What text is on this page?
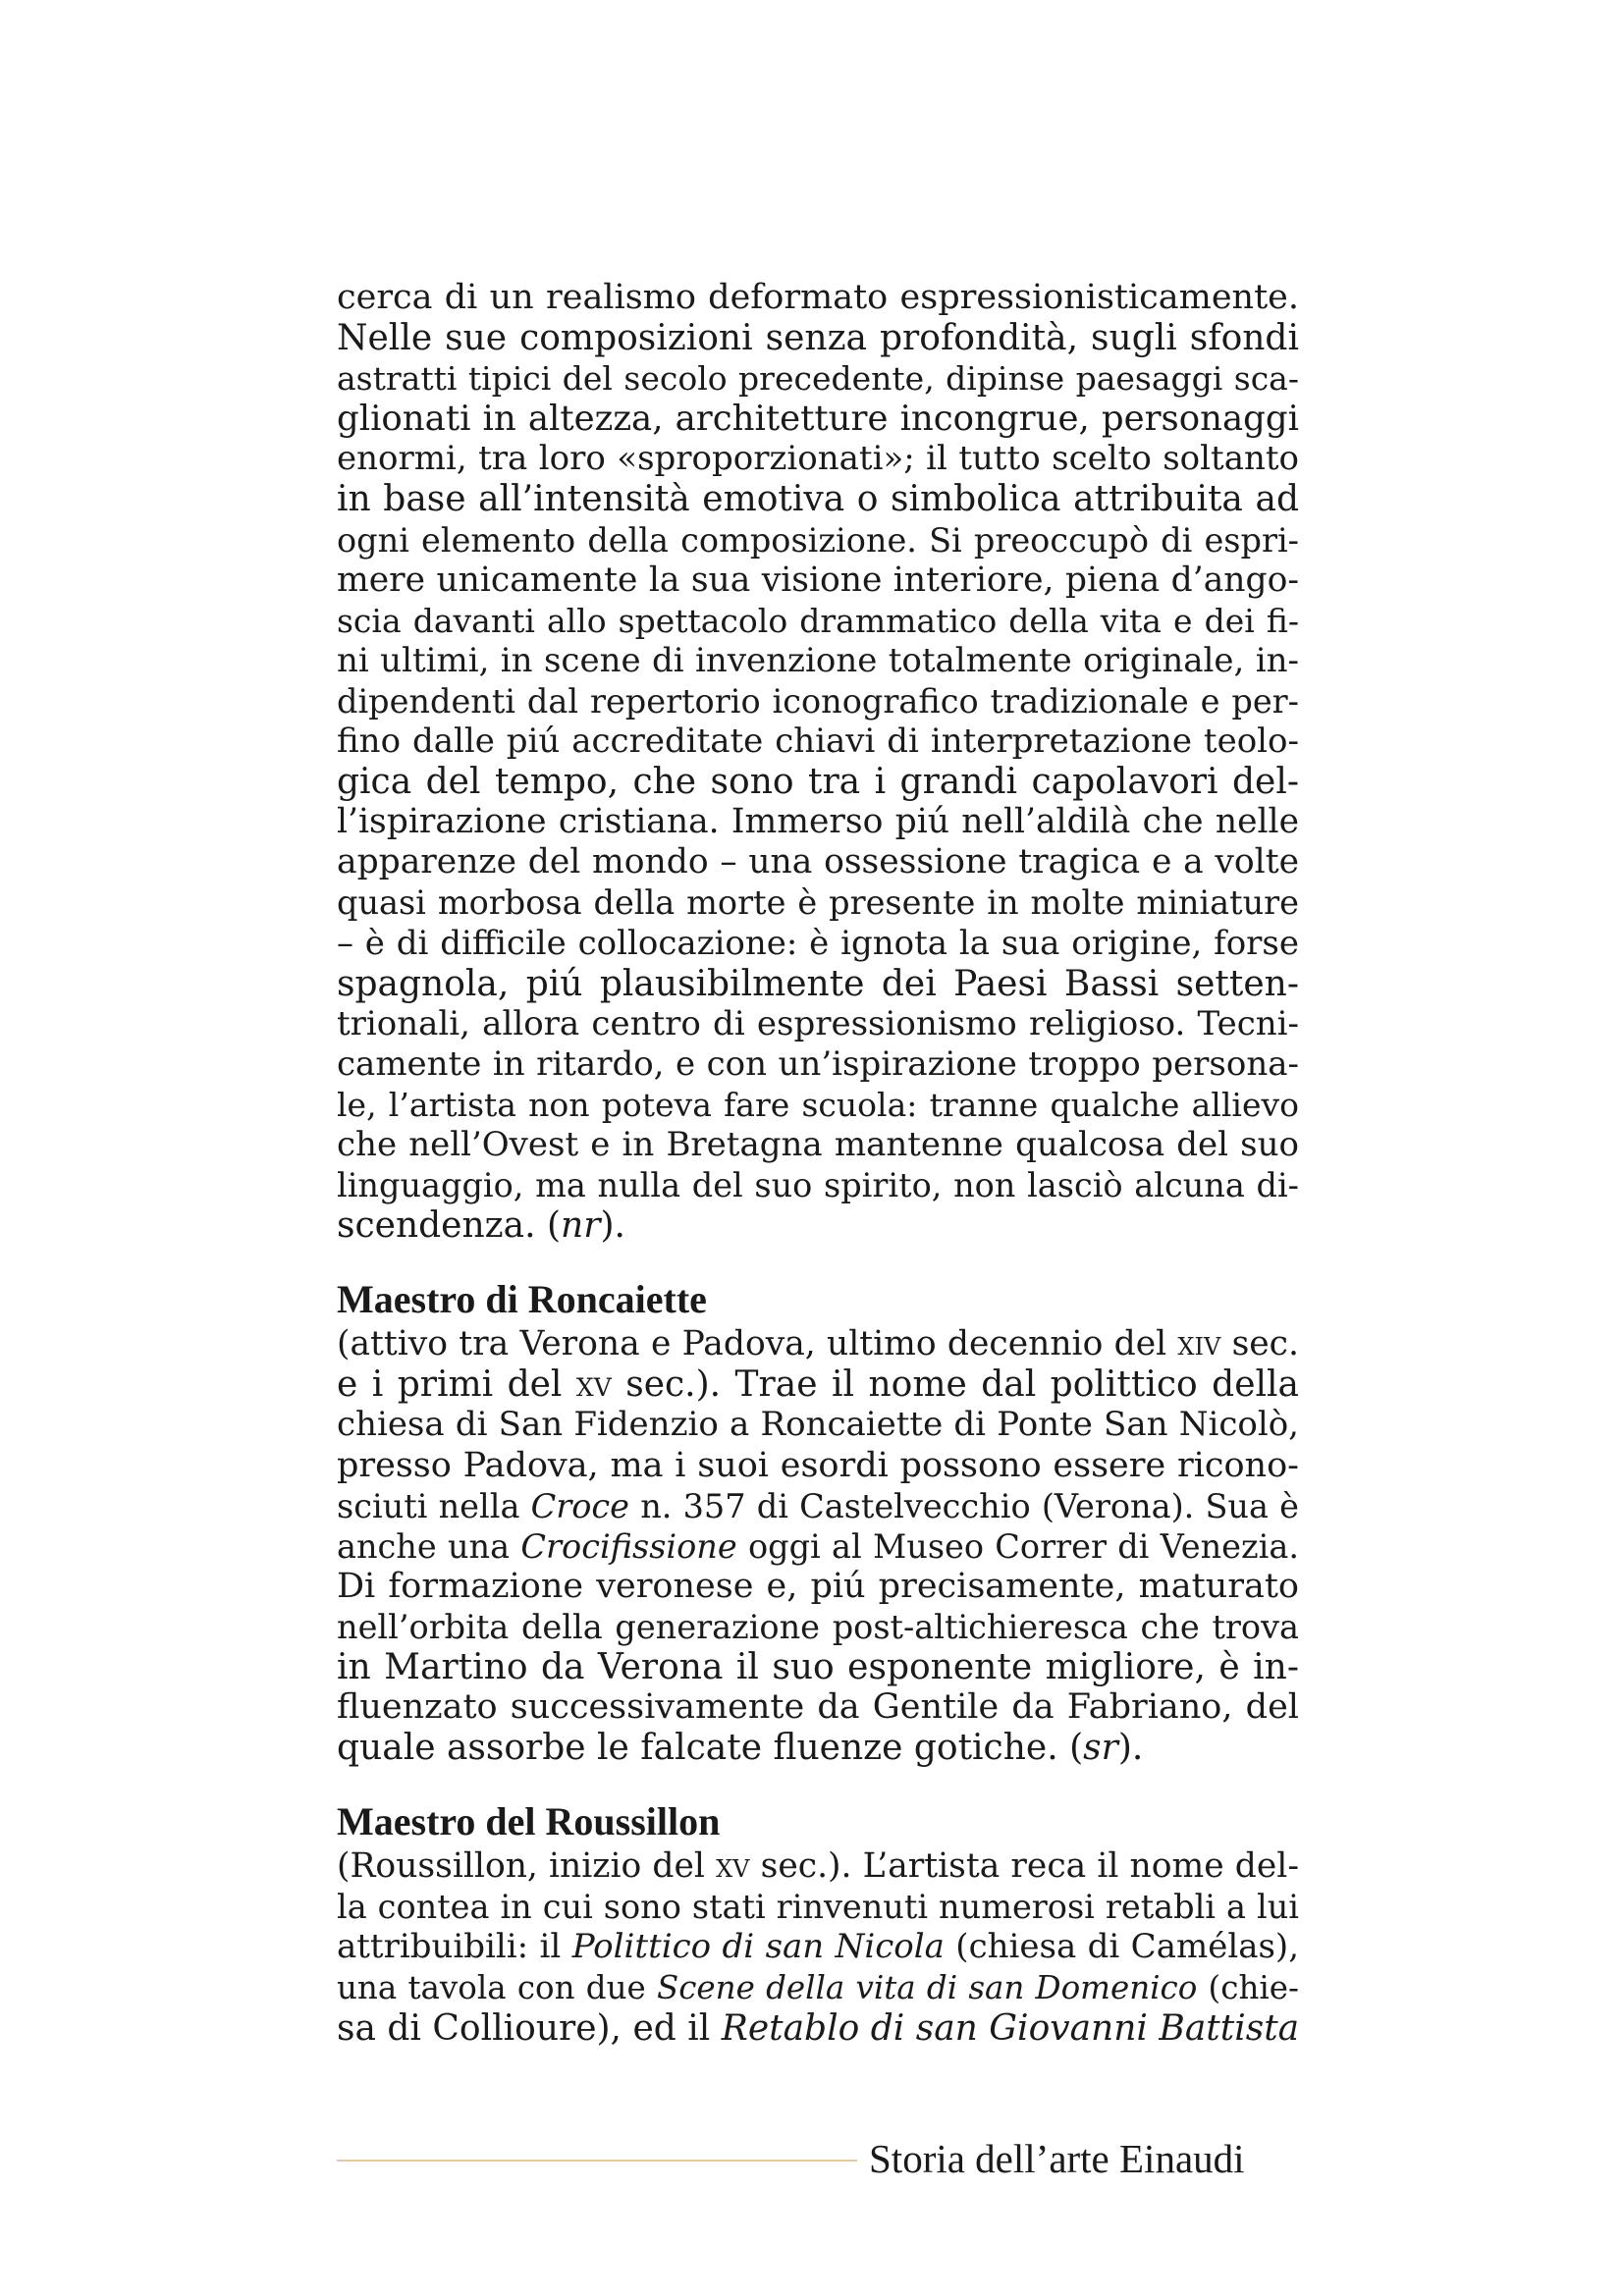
cerca di un realismo deformato espressionisticamente.
Nelle sue composizioni senza profondità, sugli sfondi
astratti tipici del secolo precedente, dipinse paesaggi sca-
glionati in altezza, architetture incongrue, personaggi
enormi, tra loro «sproporzionati»; il tutto scelto soltanto
in base all’intensità emotiva o simbolica attribuita ad
ogni elemento della composizione. Si preoccupò di espri-
mere unicamente la sua visione interiore, piena d’ango-
scia davanti allo spettacolo drammatico della vita e dei fi-
ni ultimi, in scene di invenzione totalmente originale, in-
dipendenti dal repertorio iconografico tradizionale e per-
fino dalle piú accreditate chiavi di interpretazione teolo-
gica del tempo, che sono tra i grandi capolavori del-
l’ispirazione cristiana. Immerso piú nell’aldilà che nelle
apparenze del mondo – una ossessione tragica e a volte
quasi morbosa della morte è presente in molte miniature
– è di difficile collocazione: è ignota la sua origine, forse
spagnola, piú plausibilmente dei Paesi Bassi setten-
trionali, allora centro di espressionismo religioso. Tecni-
camente in ritardo, e con un’ispirazione troppo persona-
le, l’artista non poteva fare scuola: tranne qualche allievo
che nell’Ovest e in Bretagna mantenne qualcosa del suo
linguaggio, ma nulla del suo spirito, non lasciò alcuna di-
scendenza. (nr).
Maestro di Roncaiette
(attivo tra Verona e Padova, ultimo decennio del xiv sec.
e i primi del xv sec.). Trae il nome dal polittico della
chiesa di San Fidenzio a Roncaiette di Ponte San Nicolò,
presso Padova, ma i suoi esordi possono essere ricono-
sciuti nella Croce n. 357 di Castelvecchio (Verona). Sua è
anche una Crocifissione oggi al Museo Correr di Venezia.
Di formazione veronese e, piú precisamente, maturato
nell’orbita della generazione post-altichieresca che trova
in Martino da Verona il suo esponente migliore, è in-
fluenzato successivamente da Gentile da Fabriano, del
quale assorbe le falcate fluenze gotiche. (sr).
Maestro del Roussillon
(Roussillon, inizio del xv sec.). L’artista reca il nome del-
la contea in cui sono stati rinvenuti numerosi retabli a lui
attribuibili: il Polittico di san Nicola (chiesa di Camélas),
una tavola con due Scene della vita di san Domenico (chie-
sa di Collioure), ed il Retablo di san Giovanni Battista
Storia dell’arte Einaudi
